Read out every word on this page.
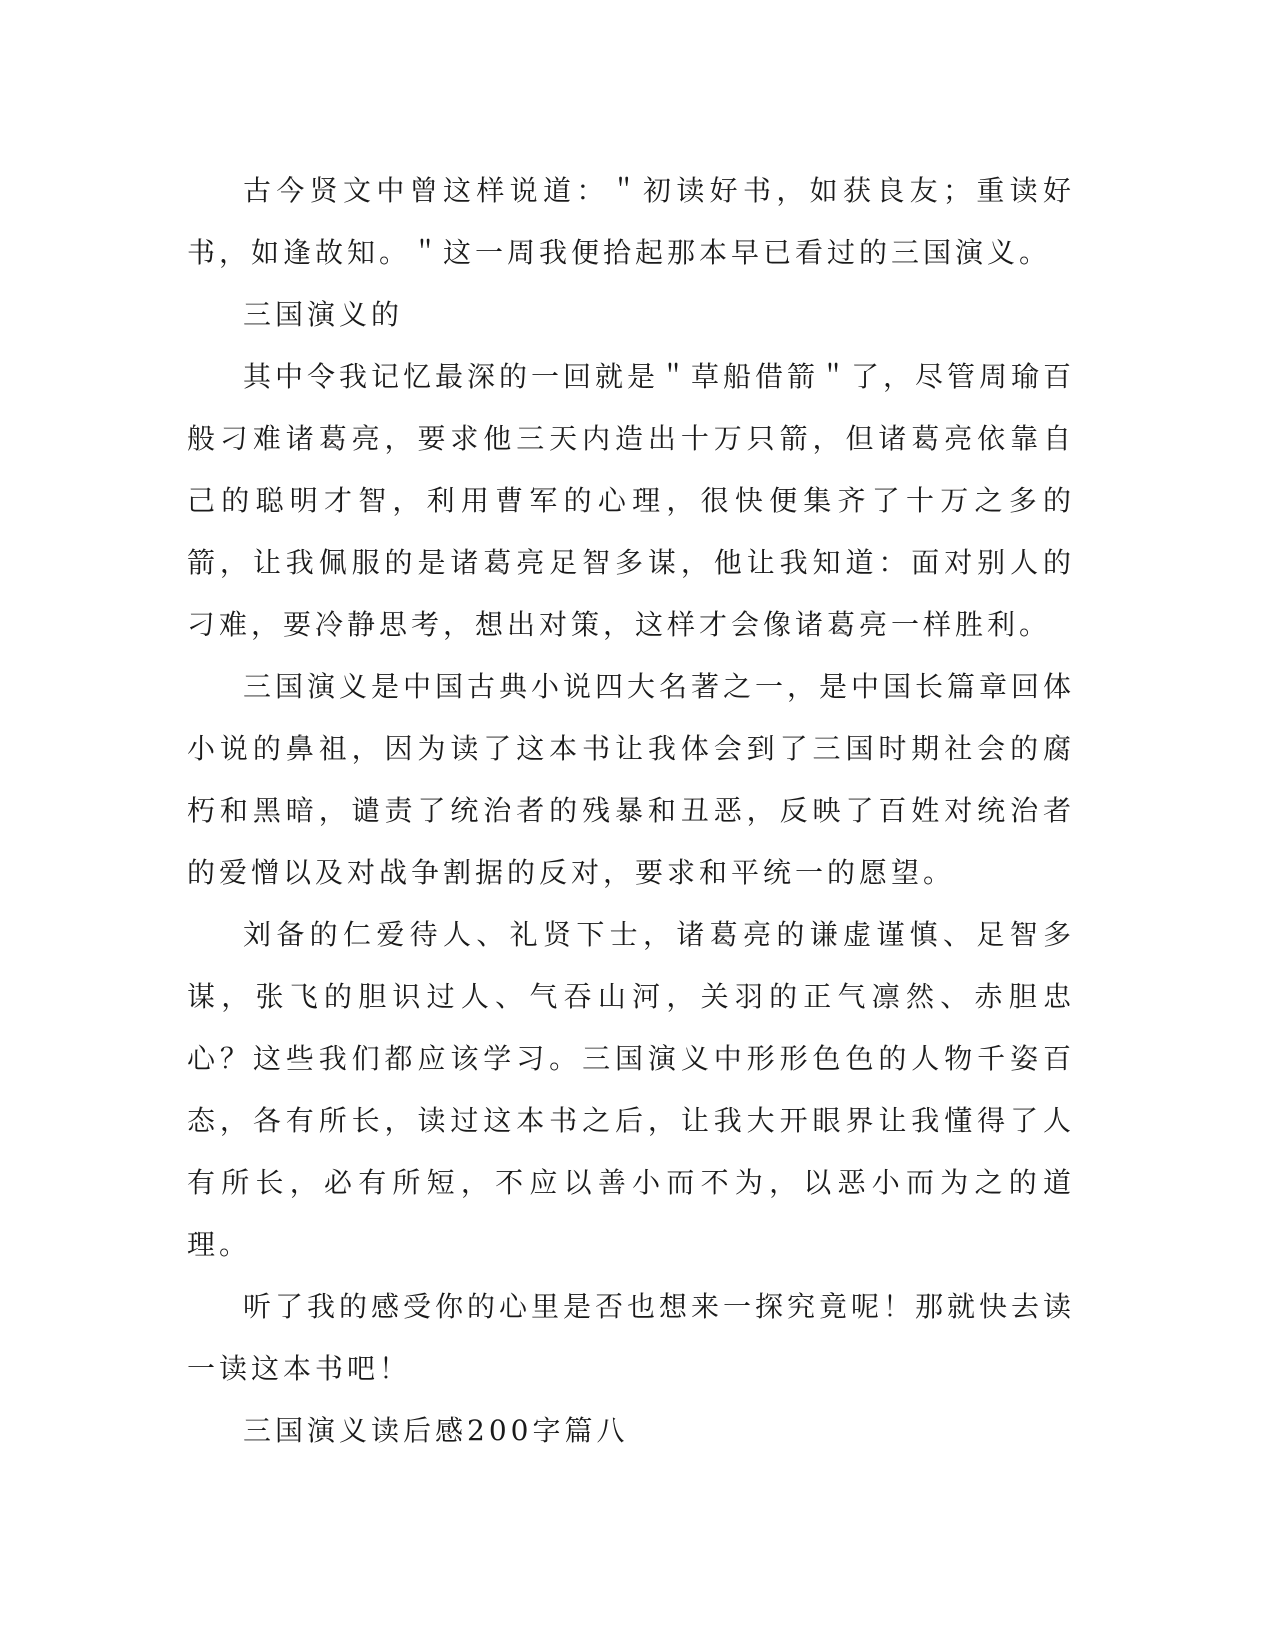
古今贤文中曾这样说道：＂初读好书，如获良友；重读好书，如逢故知。＂这一周我便拾起那本早已看过的三国演义。

三国演义的

其中令我记忆最深的一回就是＂草船借箭＂了，尽管周瑜百般刁难诸葛亮，要求他三天内造出十万只箭，但诸葛亮依靠自己的聪明才智，利用曹军的心理，很快便集齐了十万之多的箭，让我佩服的是诸葛亮足智多谋，他让我知道：面对别人的刁难，要冷静思考，想出对策，这样才会像诸葛亮一样胜利。

三国演义是中国古典小说四大名著之一，是中国长篇章回体小说的鼻祖，因为读了这本书让我体会到了三国时期社会的腐朽和黑暗，谴责了统治者的残暴和丑恶，反映了百姓对统治者的爱憎以及对战争割据的反对，要求和平统一的愿望。

刘备的仁爱待人、礼贤下士，诸葛亮的谦虚谨慎、足智多谋，张飞的胆识过人、气吞山河，关羽的正气凛然、赤胆忠心？这些我们都应该学习。三国演义中形形色色的人物千姿百态，各有所长，读过这本书之后，让我大开眼界让我懂得了人有所长，必有所短，不应以善小而不为，以恶小而为之的道理。

听了我的感受你的心里是否也想来一探究竟呢！那就快去读一读这本书吧！

三国演义读后感200字篇八
